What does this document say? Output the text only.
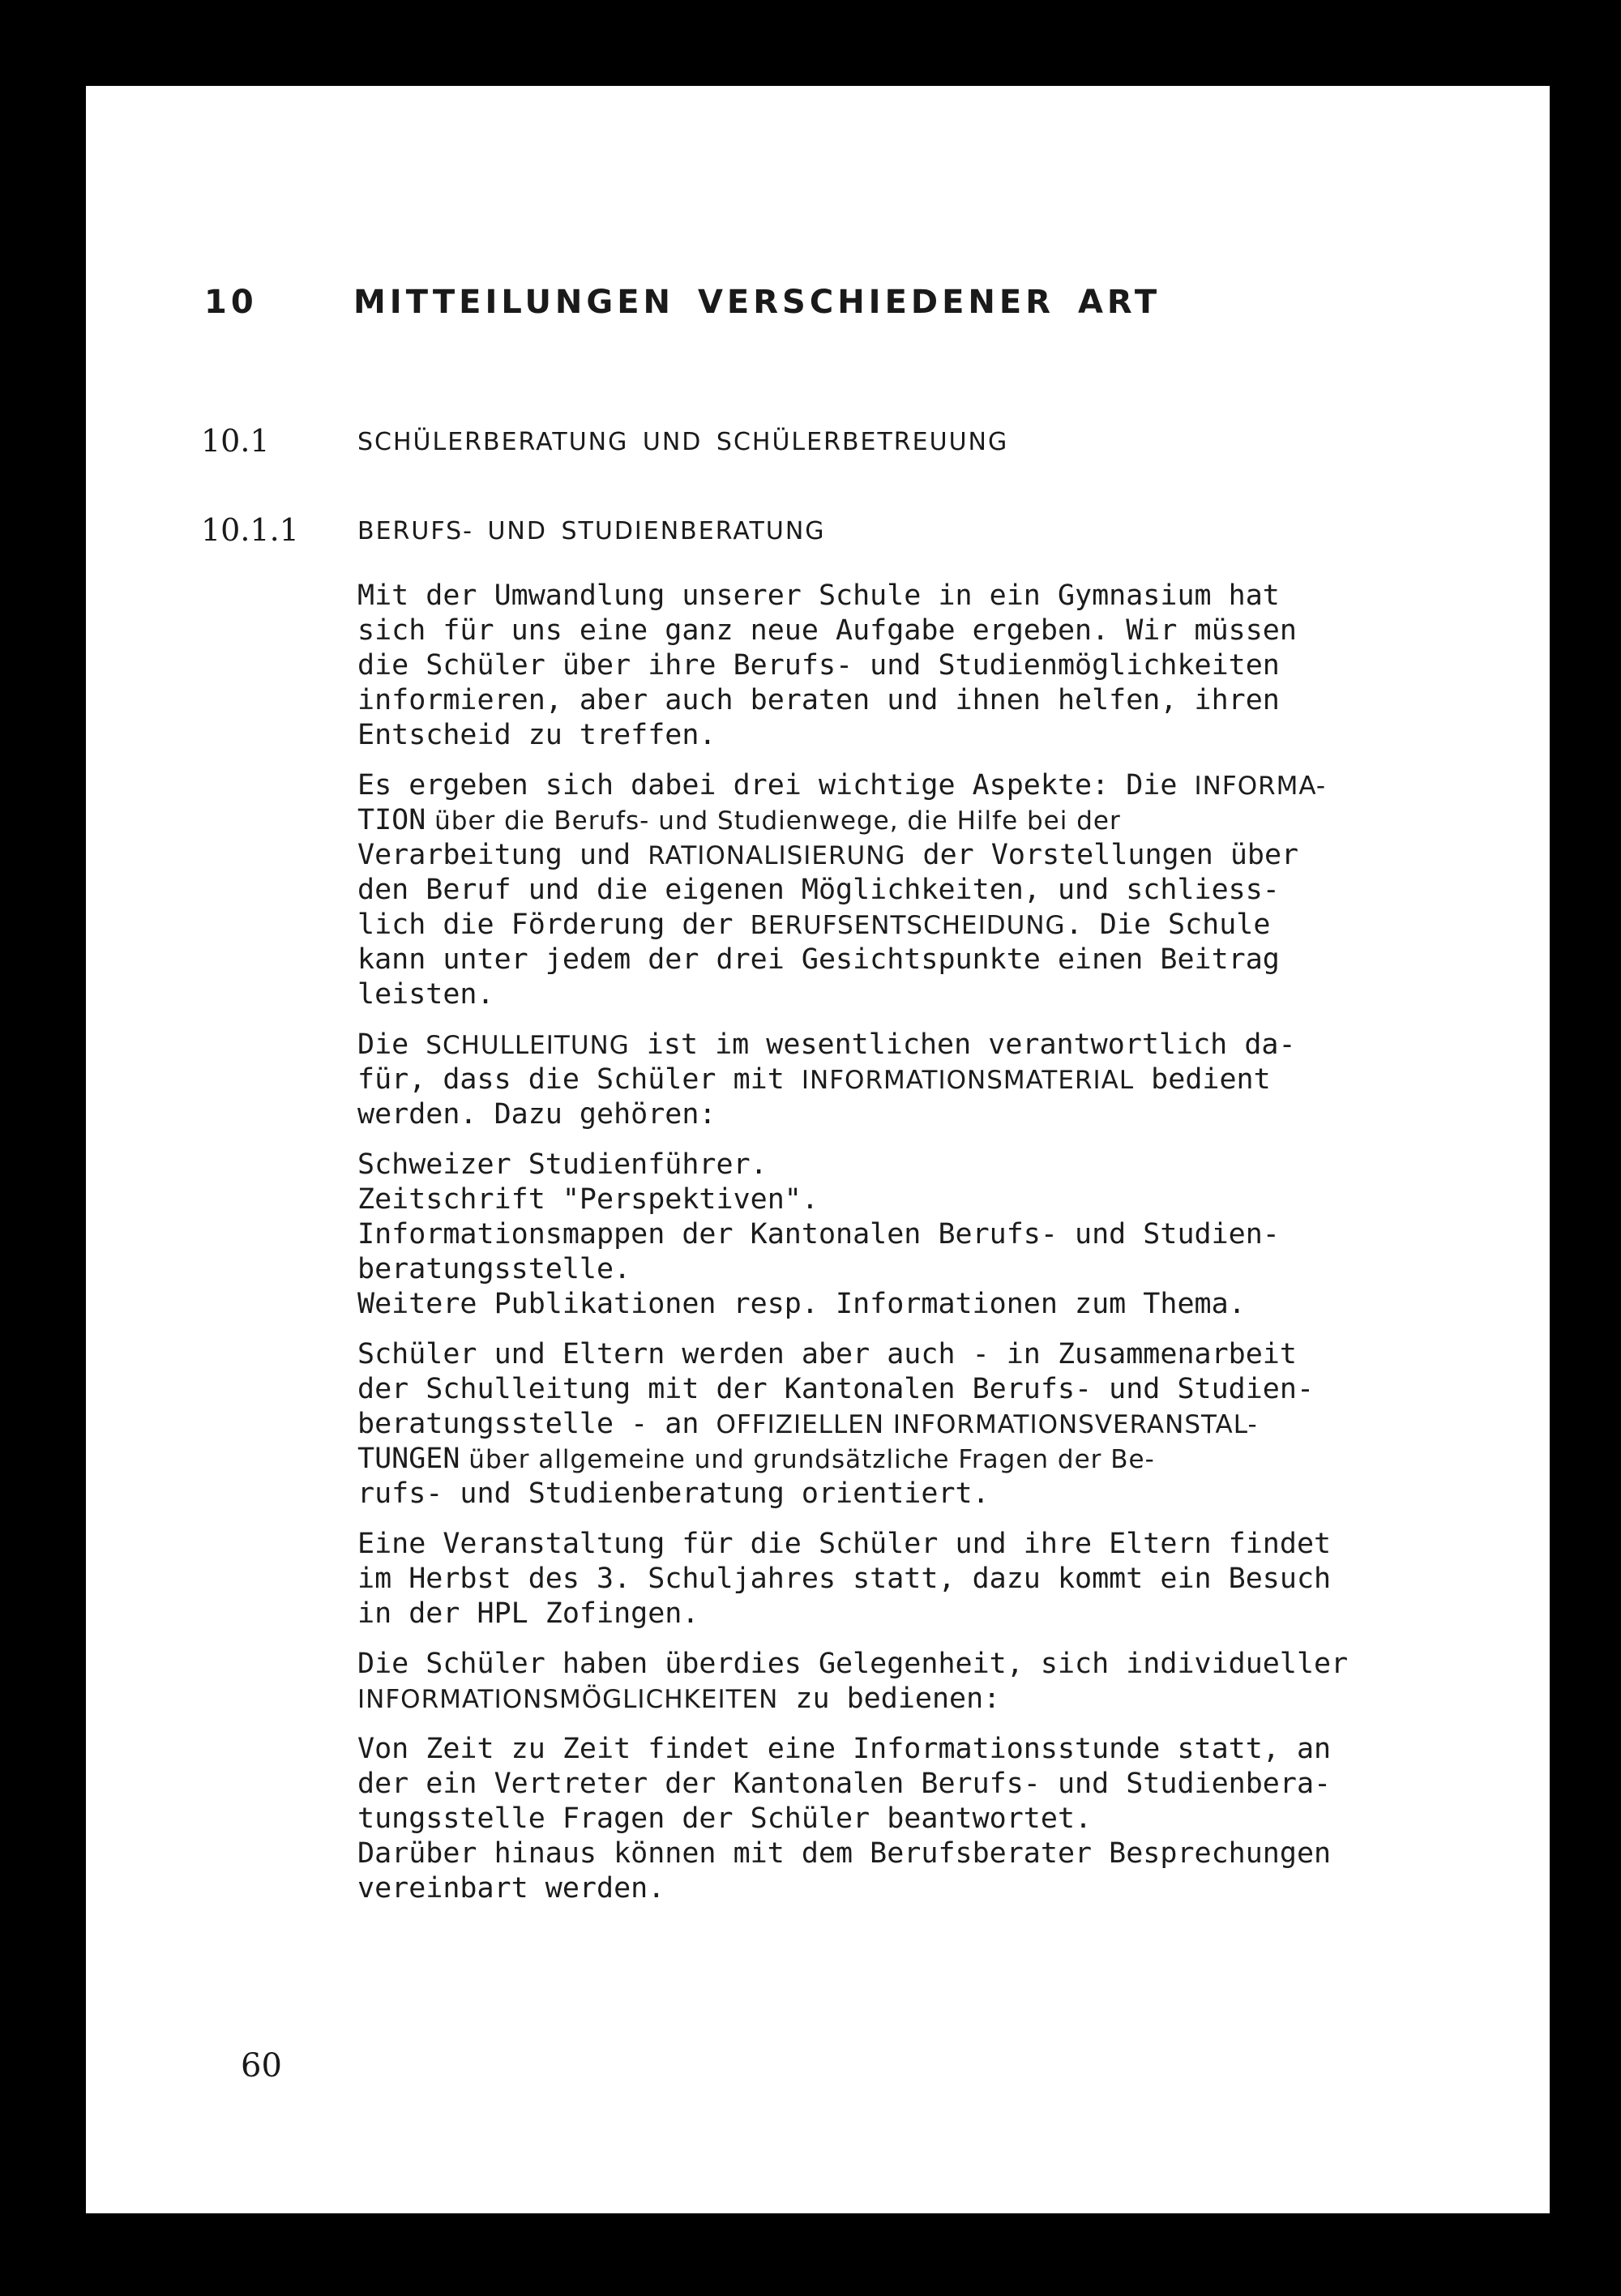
10	MITTEILUNGEN VERSCHIEDENER ART
10.1	SCHÜLERBERATUNG UND SCHÜLERBETREUUNG
10.1.1 BERUFS- UND STUDIENBERATUNG
Mit der Umwandlung unserer Schule in ein Gymnasium hat
sich für uns eine ganz neue Aufgabe ergeben. Wir müssen
die Schüler über ihre Berufs- und Studienmöglichkeiten
informieren, aber auch beraten und ihnen helfen, ihren
Entscheid zu treffen.
Es ergeben sich dabei drei wichtige Aspekte: Die INFORMA-
TION über die Berufs- und Studienwege, die Hilfe bei der
Verarbeitung und RATIONALISIERUNG der Vorstellungen über
den Beruf und die eigenen Möglichkeiten, und schliess-
lich die Förderung der BERUFSENTSCHEIDUNG. Die Schule
kann unter jedem der drei Gesichtspunkte einen Beitrag
leisten.
Die SCHULLEITUNG ist im wesentlichen verantwortlich da-
für, dass die Schüler mit INFORMATIONSMATERIAL bedient
werden. Dazu gehören:
Schweizer Studienführer.
Zeitschrift "Perspektiven".
Informationsmappen der Kantonalen Berufs- und Studien-
beratungsstelle.
Weitere Publikationen resp. Informationen zum Thema.
Schüler und Eltern werden aber auch - in Zusammenarbeit
der Schulleitung mit der Kantonalen Berufs- und Studien-
beratungsstelle - an OFFIZIELLEN INFORMATIONSVERANSTAL-
TUNGEN über allgemeine und grundsätzliche Fragen der Be-
rufs- und Studienberatung orientiert.
Eine Veranstaltung für die Schüler und ihre Eltern findet
im Herbst des 3. Schuljahres statt, dazu kommt ein Besuch
in der HPL Zofingen.
Die Schüler haben überdies Gelegenheit, sich individueller
INFORMATIONSMÖGLICHKEITEN zu bedienen:
Von Zeit zu Zeit findet eine Informationsstunde statt, an
der ein Vertreter der Kantonalen Berufs- und Studienbera-
tungsstelle Fragen der Schüler beantwortet.
Darüber hinaus können mit dem Berufsberater Besprechungen
vereinbart werden.
60
